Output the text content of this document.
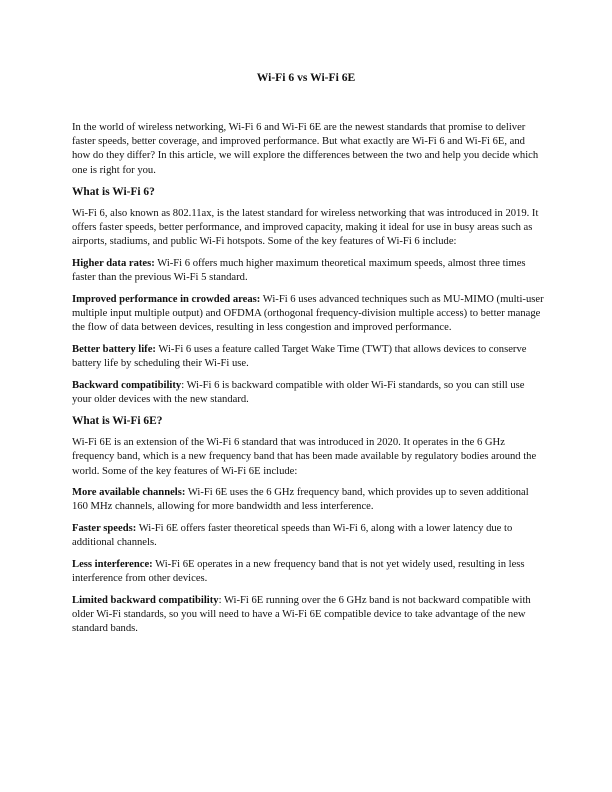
Wi-Fi 6 vs Wi-Fi 6E

In the world of wireless networking, Wi-Fi 6 and Wi-Fi 6E are the newest standards that promise to deliver faster speeds, better coverage, and improved performance. But what exactly are Wi-Fi 6 and Wi-Fi 6E, and how do they differ? In this article, we will explore the differences between the two and help you decide which one is right for you.

What is Wi-Fi 6?

Wi-Fi 6, also known as 802.11ax, is the latest standard for wireless networking that was introduced in 2019. It offers faster speeds, better performance, and improved capacity, making it ideal for use in busy areas such as airports, stadiums, and public Wi-Fi hotspots. Some of the key features of Wi-Fi 6 include:

Higher data rates: Wi-Fi 6 offers much higher maximum theoretical maximum speeds, almost three times faster than the previous Wi-Fi 5 standard.

Improved performance in crowded areas: Wi-Fi 6 uses advanced techniques such as MU-MIMO (multi-user multiple input multiple output) and OFDMA (orthogonal frequency-division multiple access) to better manage the flow of data between devices, resulting in less congestion and improved performance.

Better battery life: Wi-Fi 6 uses a feature called Target Wake Time (TWT) that allows devices to conserve battery life by scheduling their Wi-Fi use.

Backward compatibility: Wi-Fi 6 is backward compatible with older Wi-Fi standards, so you can still use your older devices with the new standard.

What is Wi-Fi 6E?

Wi-Fi 6E is an extension of the Wi-Fi 6 standard that was introduced in 2020. It operates in the 6 GHz frequency band, which is a new frequency band that has been made available by regulatory bodies around the world. Some of the key features of Wi-Fi 6E include:

More available channels: Wi-Fi 6E uses the 6 GHz frequency band, which provides up to seven additional 160 MHz channels, allowing for more bandwidth and less interference.

Faster speeds: Wi-Fi 6E offers faster theoretical speeds than Wi-Fi 6, along with a lower latency due to additional channels.

Less interference: Wi-Fi 6E operates in a new frequency band that is not yet widely used, resulting in less interference from other devices.

Limited backward compatibility: Wi-Fi 6E running over the 6 GHz band is not backward compatible with older Wi-Fi standards, so you will need to have a Wi-Fi 6E compatible device to take advantage of the new standard bands.
